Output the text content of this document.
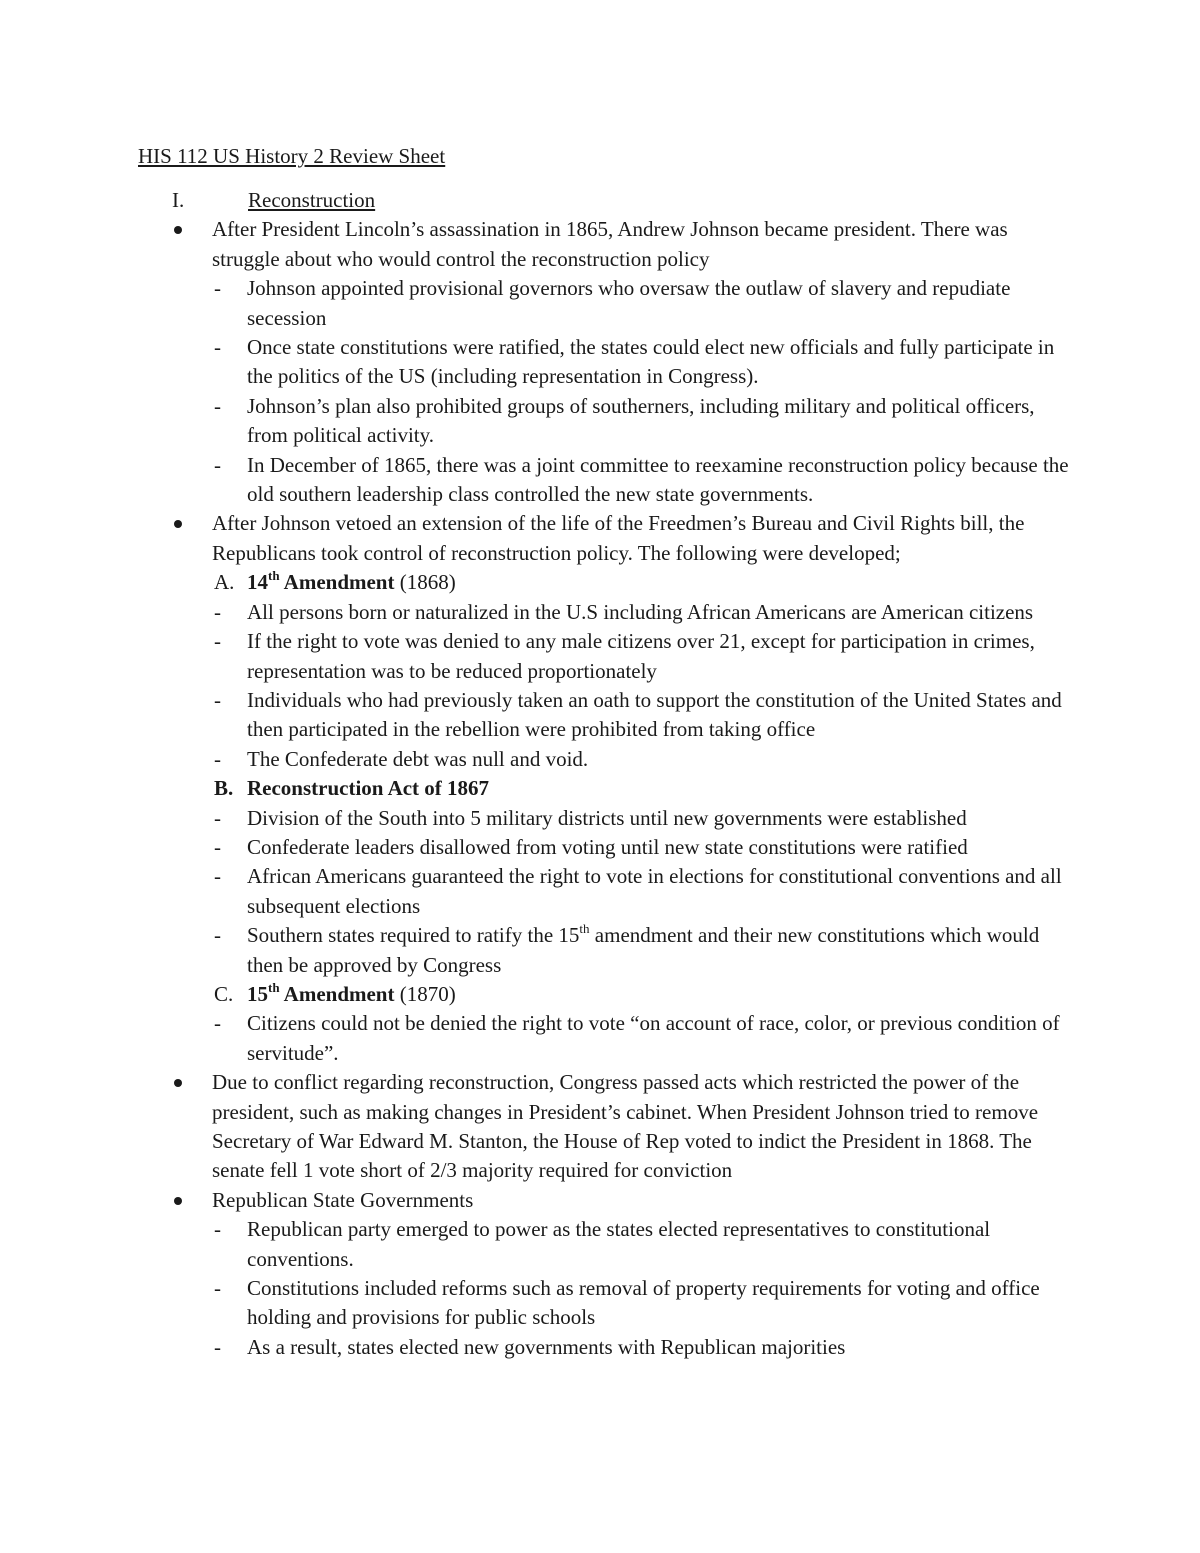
HIS 112 US History 2 Review Sheet
I.	Reconstruction
After President Lincoln’s assassination in 1865, Andrew Johnson became president. There was struggle about who would control the reconstruction policy
- Johnson appointed provisional governors who oversaw the outlaw of slavery and repudiate secession
- Once state constitutions were ratified, the states could elect new officials and fully participate in the politics of the US (including representation in Congress).
- Johnson’s plan also prohibited groups of southerners, including military and political officers, from political activity.
- In December of 1865, there was a joint committee to reexamine reconstruction policy because the old southern leadership class controlled the new state governments.
After Johnson vetoed an extension of the life of the Freedmen’s Bureau and Civil Rights bill, the Republicans took control of reconstruction policy. The following were developed;
A. 14th Amendment (1868)
- All persons born or naturalized in the U.S including African Americans are American citizens
- If the right to vote was denied to any male citizens over 21, except for participation in crimes, representation was to be reduced proportionately
- Individuals who had previously taken an oath to support the constitution of the United States and then participated in the rebellion were prohibited from taking office
- The Confederate debt was null and void.
B. Reconstruction Act of 1867
- Division of the South into 5 military districts until new governments were established
- Confederate leaders disallowed from voting until new state constitutions were ratified
- African Americans guaranteed the right to vote in elections for constitutional conventions and all subsequent elections
- Southern states required to ratify the 15th amendment and their new constitutions which would then be approved by Congress
C. 15th Amendment (1870)
- Citizens could not be denied the right to vote “on account of race, color, or previous condition of servitude”.
Due to conflict regarding reconstruction, Congress passed acts which restricted the power of the president, such as making changes in President’s cabinet. When President Johnson tried to remove Secretary of War Edward M. Stanton, the House of Rep voted to indict the President in 1868. The senate fell 1 vote short of 2/3 majority required for conviction
Republican State Governments
- Republican party emerged to power as the states elected representatives to constitutional conventions.
- Constitutions included reforms such as removal of property requirements for voting and office holding and provisions for public schools
- As a result, states elected new governments with Republican majorities
